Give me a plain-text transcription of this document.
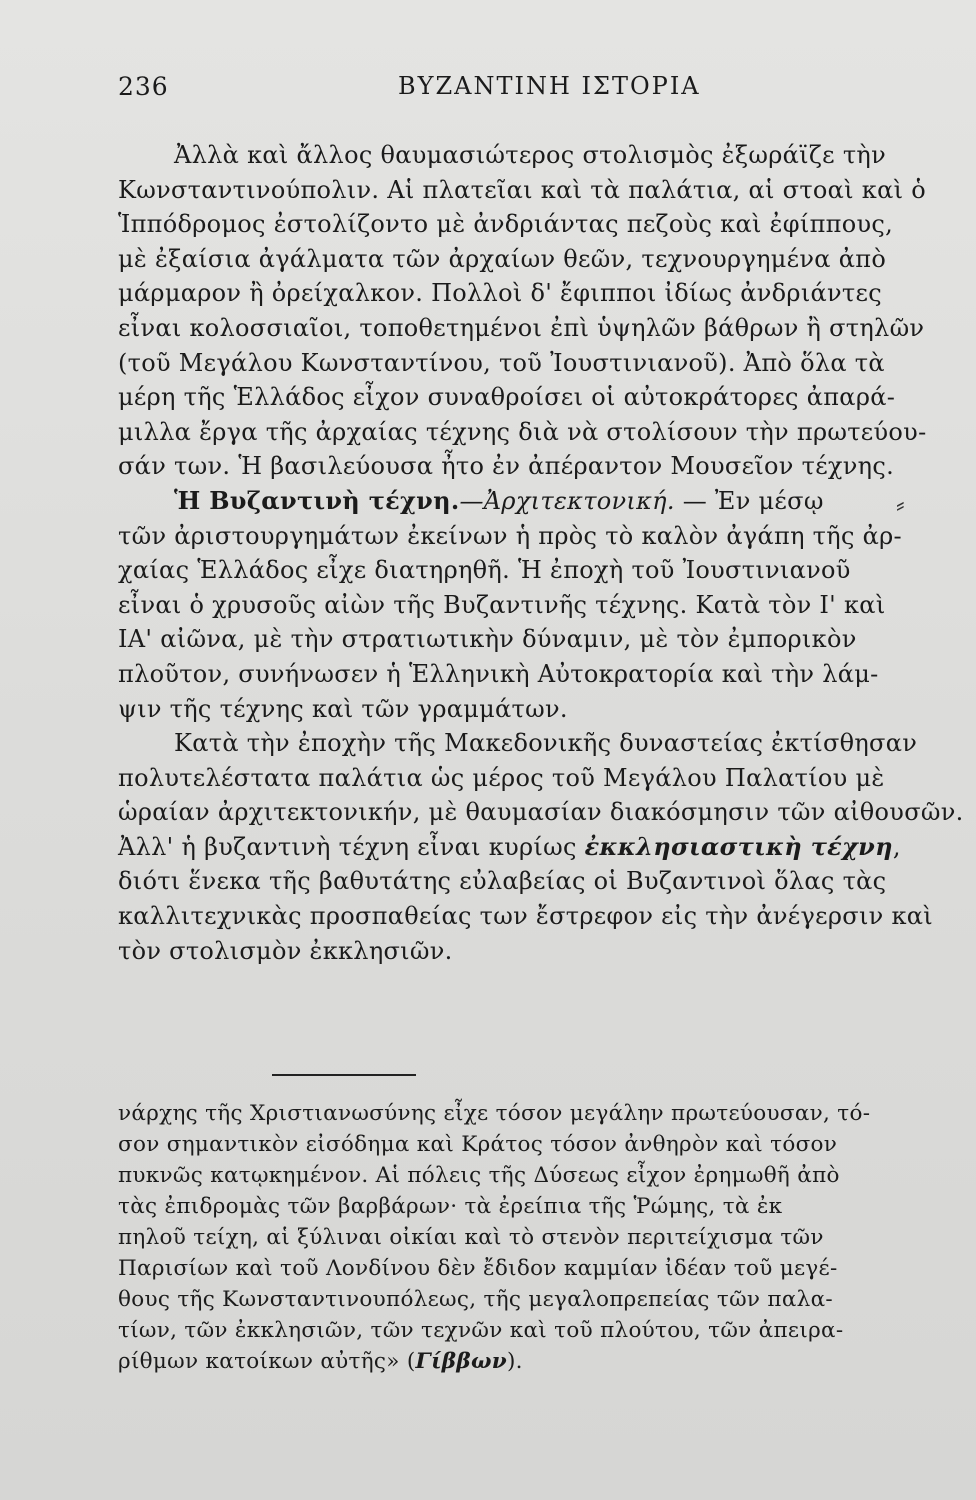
236	ΒΥΖΑΝΤΙΝΗ ΙΣΤΟΡΙΑ
Ἀλλὰ καὶ ἄλλος θαυμασιώτερος στολισμὸς ἐξωράϊζε τὴν
Κωνσταντινούπολιν. Αἱ πλατεῖαι καὶ τὰ παλάτια, αἱ στοαὶ καὶ ὁ
Ἱππόδρομος ἐστολίζοντο μὲ ἀνδριάντας πεζοὺς καὶ ἐφίππους,
μὲ ἐξαίσια ἀγάλματα τῶν ἀρχαίων θεῶν, τεχνουργημένα ἀπὸ
μάρμαρον ἢ ὀρείχαλκον. Πολλοὶ δ' ἔφιπποι ἰδίως ἀνδριάντες
εἶναι κολοσσιαῖοι, τοποθετημένοι ἐπὶ ὑψηλῶν βάθρων ἢ στηλῶν
(τοῦ Μεγάλου Κωνσταντίνου, τοῦ Ἰουστινιανοῦ). Ἀπὸ ὅλα τὰ
μέρη τῆς Ἑλλάδος εἶχον συναθροίσει οἱ αὐτοκράτορες ἀπαρά-
μιλλα ἔργα τῆς ἀρχαίας τέχνης διὰ νὰ στολίσουν τὴν πρωτεύου-
σάν των. Ἡ βασιλεύουσα ἦτο ἐν ἀπέραντον Μουσεῖον τέχνης.
Ἡ Βυζαντινὴ τέχνη.—Ἀρχιτεκτονική. — Ἐν μέσῳ
τῶν ἀριστουργημάτων ἐκείνων ἡ πρὸς τὸ καλὸν ἀγάπη τῆς ἀρ-
χαίας Ἑλλάδος εἶχε διατηρηθῆ. Ἡ ἐποχὴ τοῦ Ἰουστινιανοῦ
εἶναι ὁ χρυσοῦς αἰὼν τῆς Βυζαντινῆς τέχνης. Κατὰ τὸν Ι' καὶ
ΙΑ' αἰῶνα, μὲ τὴν στρατιωτικὴν δύναμιν, μὲ τὸν ἐμπορικὸν
πλοῦτον, συνήνωσεν ἡ Ἑλληνικὴ Αὐτοκρατορία καὶ τὴν λάμ-
ψιν τῆς τέχνης καὶ τῶν γραμμάτων.
Κατὰ τὴν ἐποχὴν τῆς Μακεδονικῆς δυναστείας ἐκτίσθησαν
πολυτελέστατα παλάτια ὡς μέρος τοῦ Μεγάλου Παλατίου μὲ
ὡραίαν ἀρχιτεκτονικήν, μὲ θαυμασίαν διακόσμησιν τῶν αἰθουσῶν.
Ἀλλ' ἡ βυζαντινὴ τέχνη εἶναι κυρίως ἐκκλησιαστικὴ τέχνη,
διότι ἕνεκα τῆς βαθυτάτης εὐλαβείας οἱ Βυζαντινοὶ ὅλας τὰς
καλλιτεχνικὰς προσπαθείας των ἔστρεφον εἰς τὴν ἀνέγερσιν καὶ
τὸν στολισμὸν ἐκκλησιῶν.
⸗
νάρχης τῆς Χριστιανωσύνης εἶχε τόσον μεγάλην πρωτεύουσαν, τό-
σον σημαντικὸν εἰσόδημα καὶ Κράτος τόσον ἀνθηρὸν καὶ τόσον
πυκνῶς κατῳκημένον. Αἱ πόλεις τῆς Δύσεως εἶχον ἐρημωθῆ ἀπὸ
τὰς ἐπιδρομὰς τῶν βαρβάρων· τὰ ἐρείπια τῆς Ῥώμης, τὰ ἐκ
πηλοῦ τείχη, αἱ ξύλιναι οἰκίαι καὶ τὸ στενὸν περιτείχισμα τῶν
Παρισίων καὶ τοῦ Λονδίνου δὲν ἔδιδον καμμίαν ἰδέαν τοῦ μεγέ-
θους τῆς Κωνσταντινουπόλεως, τῆς μεγαλοπρεπείας τῶν παλα-
τίων, τῶν ἐκκλησιῶν, τῶν τεχνῶν καὶ τοῦ πλούτου, τῶν ἀπειρα-
ρίθμων κατοίκων αὐτῆς» (Γίββων).
